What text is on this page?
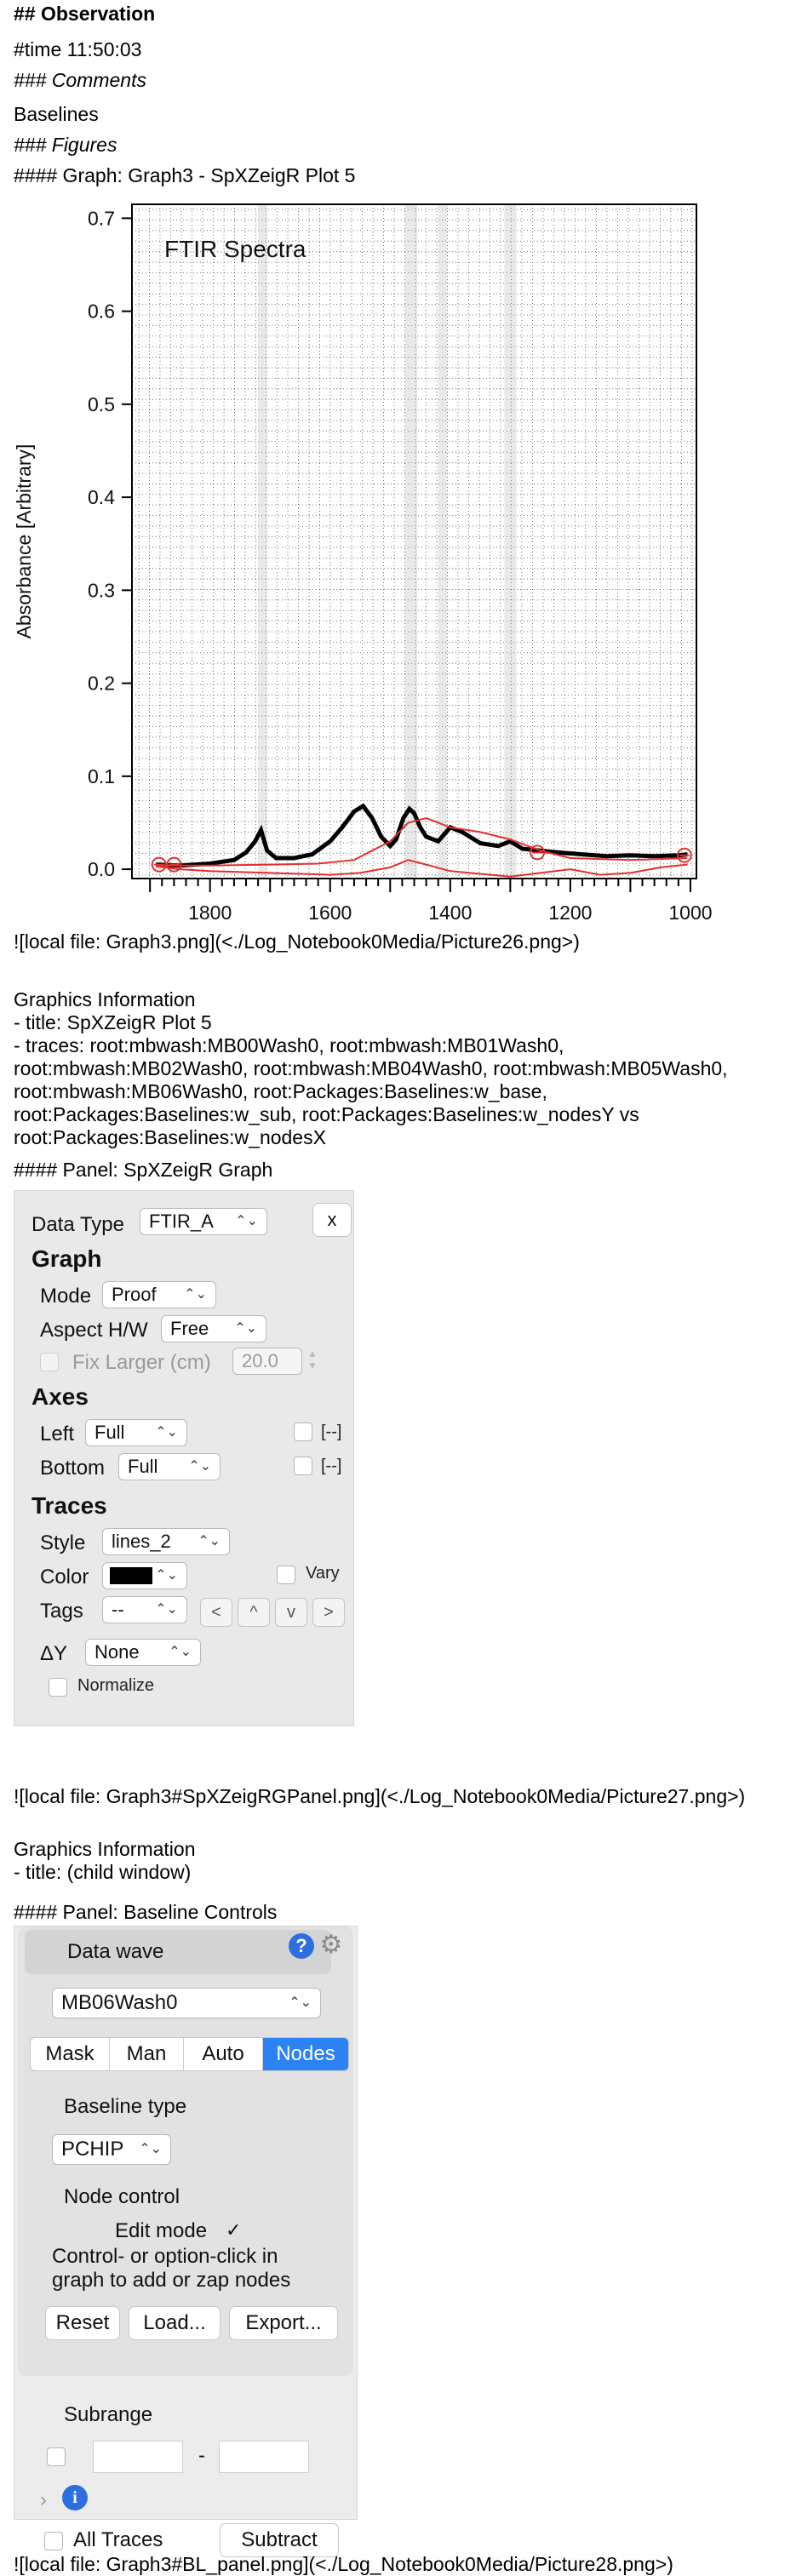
## Observation
#time 11:50:03
### Comments
Baselines
### Figures
#### Graph: Graph3 - SpXZeigR Plot 5
0.0
0.1
0.2
0.3
0.4
0.5
0.6
0.7
1800	1600	1400	1200	1000
FTIR Spectra
Absorbance [Arbitrary]
![local file: Graph3.png](<./Log_Notebook0Media/Picture26.png>)
Graphics Information
- title: SpXZeigR Plot 5
- traces: root:mbwash:MB00Wash0, root:mbwash:MB01Wash0,
root:mbwash:MB02Wash0, root:mbwash:MB04Wash0, root:mbwash:MB05Wash0,
root:mbwash:MB06Wash0, root:Packages:Baselines:w_base,
root:Packages:Baselines:w_sub, root:Packages:Baselines:w_nodesY vs
root:Packages:Baselines:w_nodesX
#### Panel: SpXZeigR Graph
Data Type	FTIR_A ⌃⌄	x
Graph
Mode	Proof ⌃⌄
Aspect H/W	Free ⌃⌄
Fix Larger (cm)	20.0	▲
▼
Axes
Left	Full ⌃⌄	[--]
Bottom	Full ⌃⌄	[--]
Traces
Style	lines_2 ⌃⌄
Color	⌃⌄	Vary
Tags	-- ⌃⌄	<	^	v	>
ΔY	None ⌃⌄
Normalize
![local file: Graph3#SpXZeigRGPanel.png](<./Log_Notebook0Media/Picture27.png>)
Graphics Information
- title: (child window)
#### Panel: Baseline Controls
Data wave	? ⚙
MB06Wash0	⌃⌄
Mask	Man	Auto	Nodes
Baseline type
PCHIP ⌃⌄
Node control
Edit mode ✓
Control- or option-click in
graph to add or zap nodes
Reset	Load...	Export...
Subrange
-
›	i
All Traces	Subtract
![local file: Graph3#BL_panel.png](<./Log_Notebook0Media/Picture28.png>)
